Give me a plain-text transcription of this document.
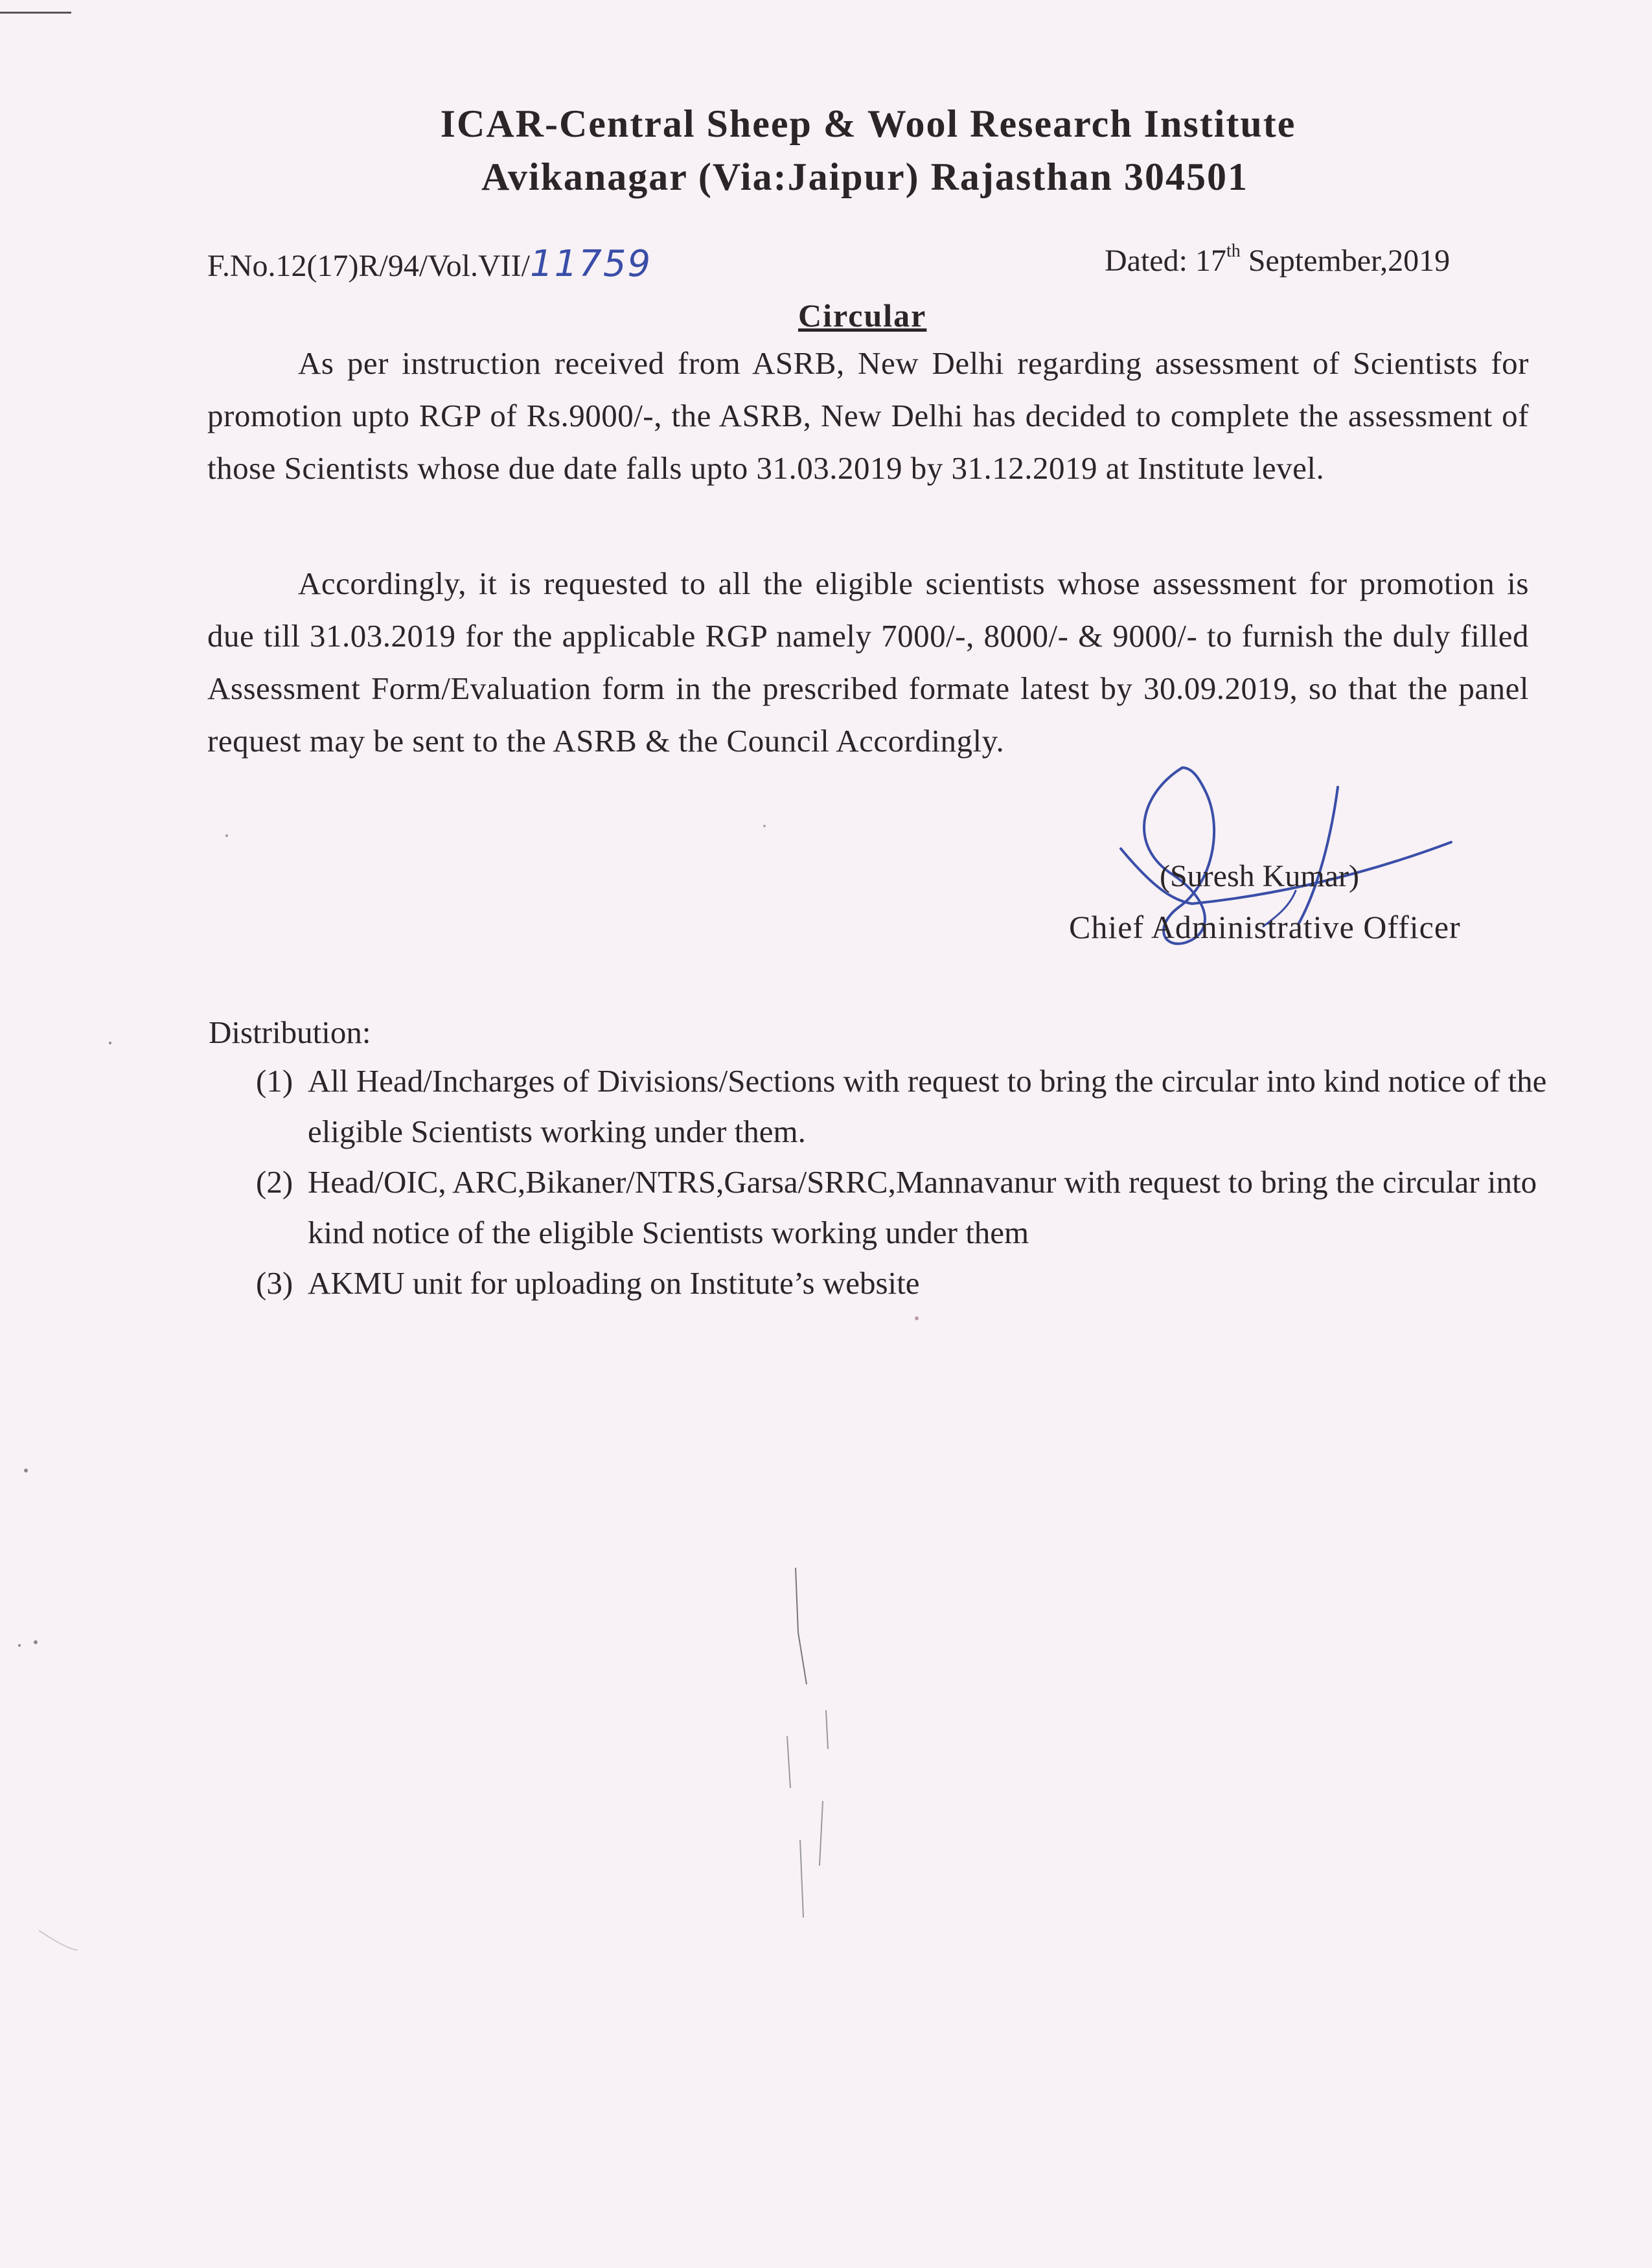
ICAR-Central Sheep & Wool Research Institute
Avikanagar (Via:Jaipur) Rajasthan 304501
F.No.12(17)R/94/Vol.VII/11759	Dated: 17th September,2019
Circular
As per instruction received from ASRB, New Delhi regarding assessment of Scientists for promotion upto RGP of Rs.9000/-, the ASRB, New Delhi has decided to complete the assessment of those Scientists whose due date falls upto 31.03.2019 by 31.12.2019 at Institute level.
Accordingly, it is requested to all the eligible scientists whose assessment for promotion is due till 31.03.2019 for the applicable RGP namely 7000/-, 8000/- & 9000/- to furnish the duly filled Assessment Form/Evaluation form in the prescribed formate latest by 30.09.2019, so that the panel request may be sent to the ASRB & the Council Accordingly.
(Suresh Kumar)
Chief Administrative Officer
Distribution:
(1) All Head/Incharges of Divisions/Sections with request to bring the circular into kind notice of the eligible Scientists working under them.
(2) Head/OIC, ARC,Bikaner/NTRS,Garsa/SRRC,Mannavanur with request to bring the circular into kind notice of the eligible Scientists working under them
(3) AKMU unit for uploading on Institute’s website
